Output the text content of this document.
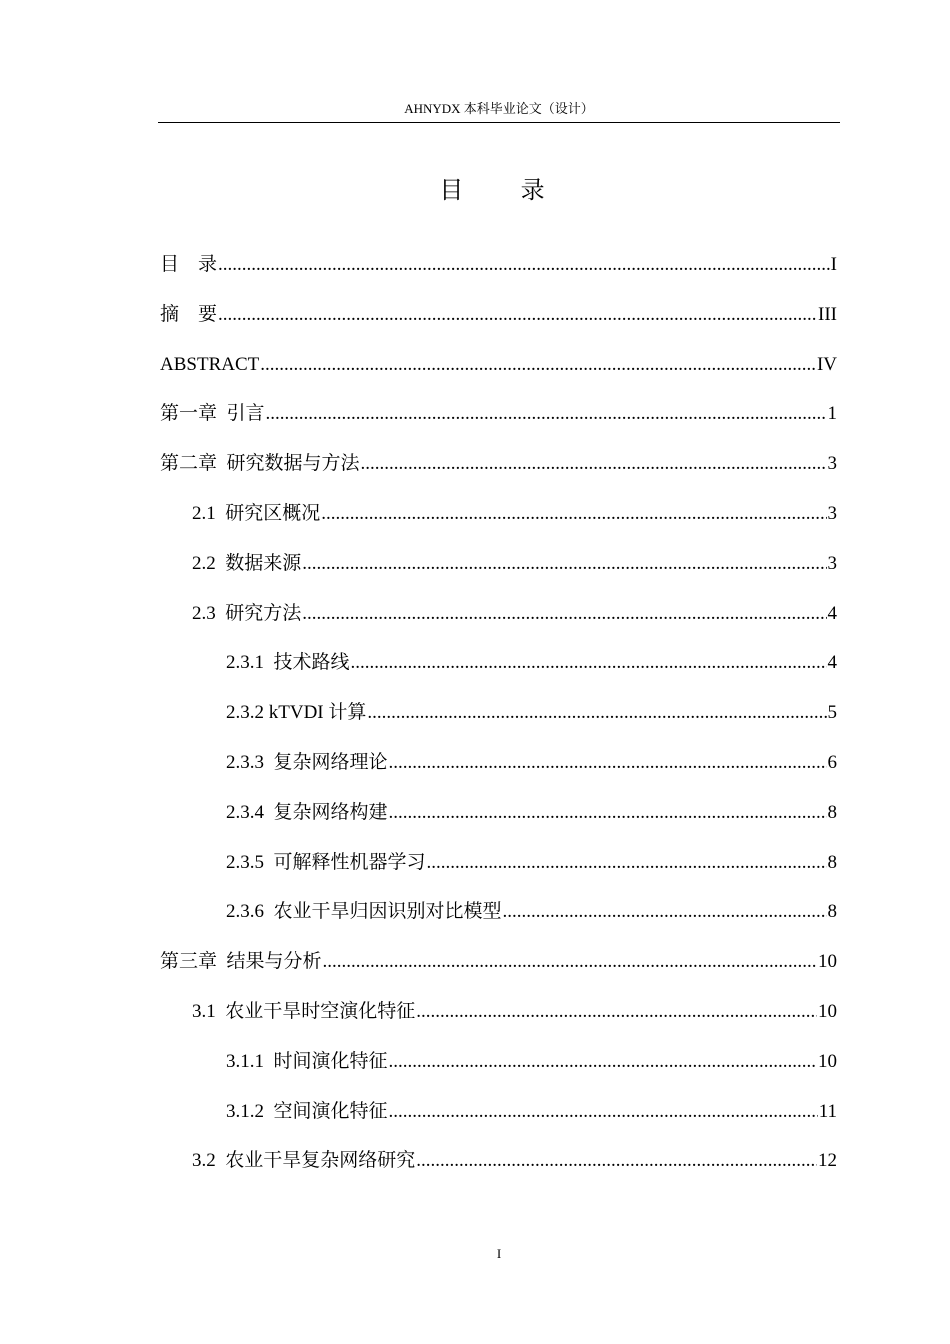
AHNYDX 本科毕业论文（设计）
目  录
目    录 .....	I
摘    要 .....	III
ABSTRACT .....	IV
第一章  引言 .....	1
第二章  研究数据与方法 .....	3
2.1  研究区概况 .....	3
2.2  数据来源 .....	3
2.3  研究方法 .....	4
2.3.1  技术路线 .....	4
2.3.2 kTVDI 计算 .....	5
2.3.3  复杂网络理论 .....	6
2.3.4  复杂网络构建 .....	8
2.3.5  可解释性机器学习 .....	8
2.3.6  农业干旱归因识别对比模型 .....	8
第三章  结果与分析 .....	10
3.1  农业干旱时空演化特征 .....	10
3.1.1  时间演化特征 .....	10
3.1.2  空间演化特征 .....	11
3.2  农业干旱复杂网络研究 .....	12
I
